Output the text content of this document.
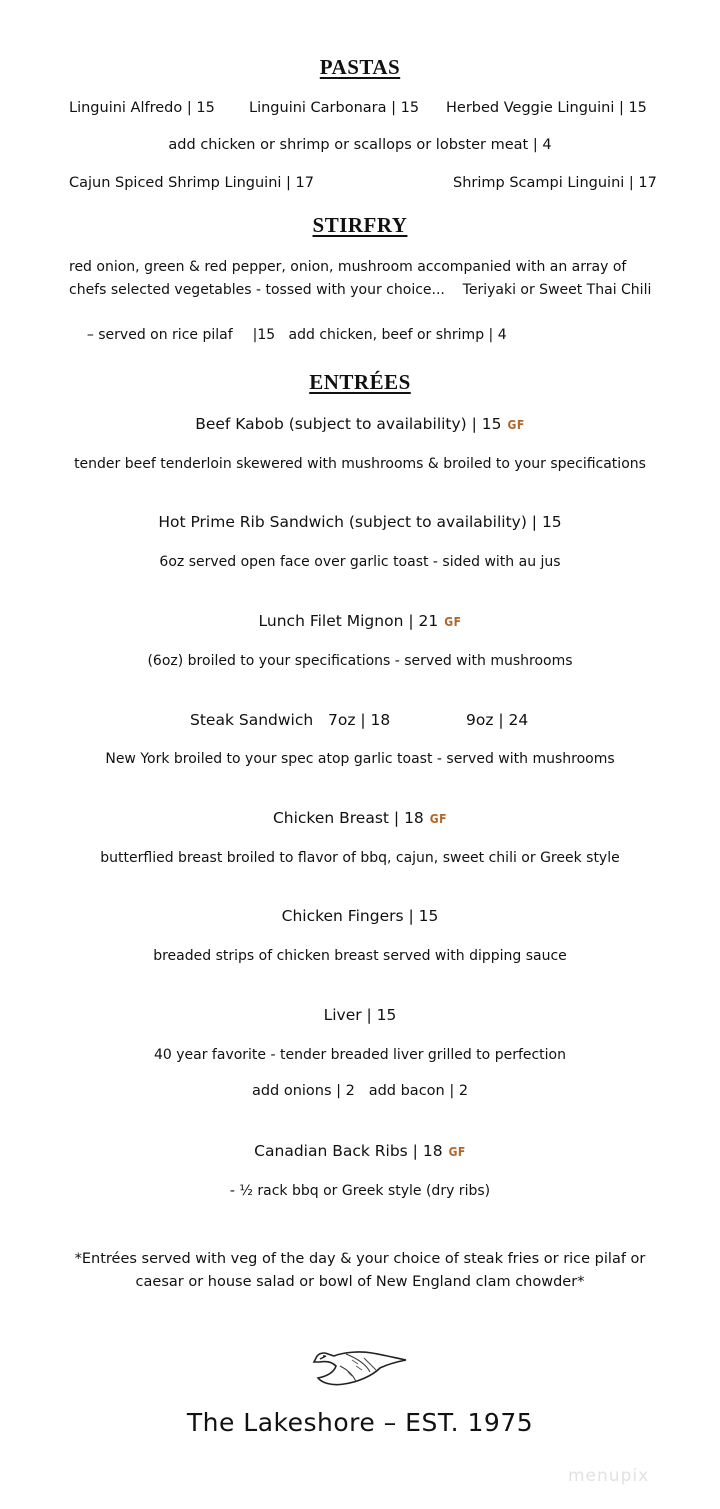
PASTAS
Linguini Alfredo | 15 Linguini Carbonara | 15 Herbed Veggie Linguini | 15
add chicken or shrimp or scallops or lobster meat | 4
Cajun Spiced Shrimp Linguini | 17	Shrimp Scampi Linguini | 17
STIRFRY
red onion, green & red pepper, onion, mushroom accompanied with an array of
chefs selected vegetables - tossed with your choice...    Teriyaki or Sweet Thai Chili

– served on rice pilaf |15   add chicken, beef or shrimp | 4

ENTRÉES
Beef Kabob (subject to availability) | 15 GF
tender beef tenderloin skewered with mushrooms & broiled to your specifications
Hot Prime Rib Sandwich (subject to availability) | 15
6oz served open face over garlic toast - sided with au jus
Lunch Filet Mignon | 21 GF
(6oz) broiled to your specifications - served with mushrooms
Steak Sandwich 7oz | 18	9oz | 24
New York broiled to your spec atop garlic toast - served with mushrooms
Chicken Breast | 18 GF
butterflied breast broiled to flavor of bbq, cajun, sweet chili or Greek style
Chicken Fingers | 15
breaded strips of chicken breast served with dipping sauce
Liver | 15
40 year favorite - tender breaded liver grilled to perfection
add onions | 2   add bacon | 2
Canadian Back Ribs | 18 GF
- ½ rack bbq or Greek style (dry ribs)
*Entrées served with veg of the day & your choice of steak fries or rice pilaf or
caesar or house salad or bowl of New England clam chowder*
The Lakeshore – EST. 1975
menupix
